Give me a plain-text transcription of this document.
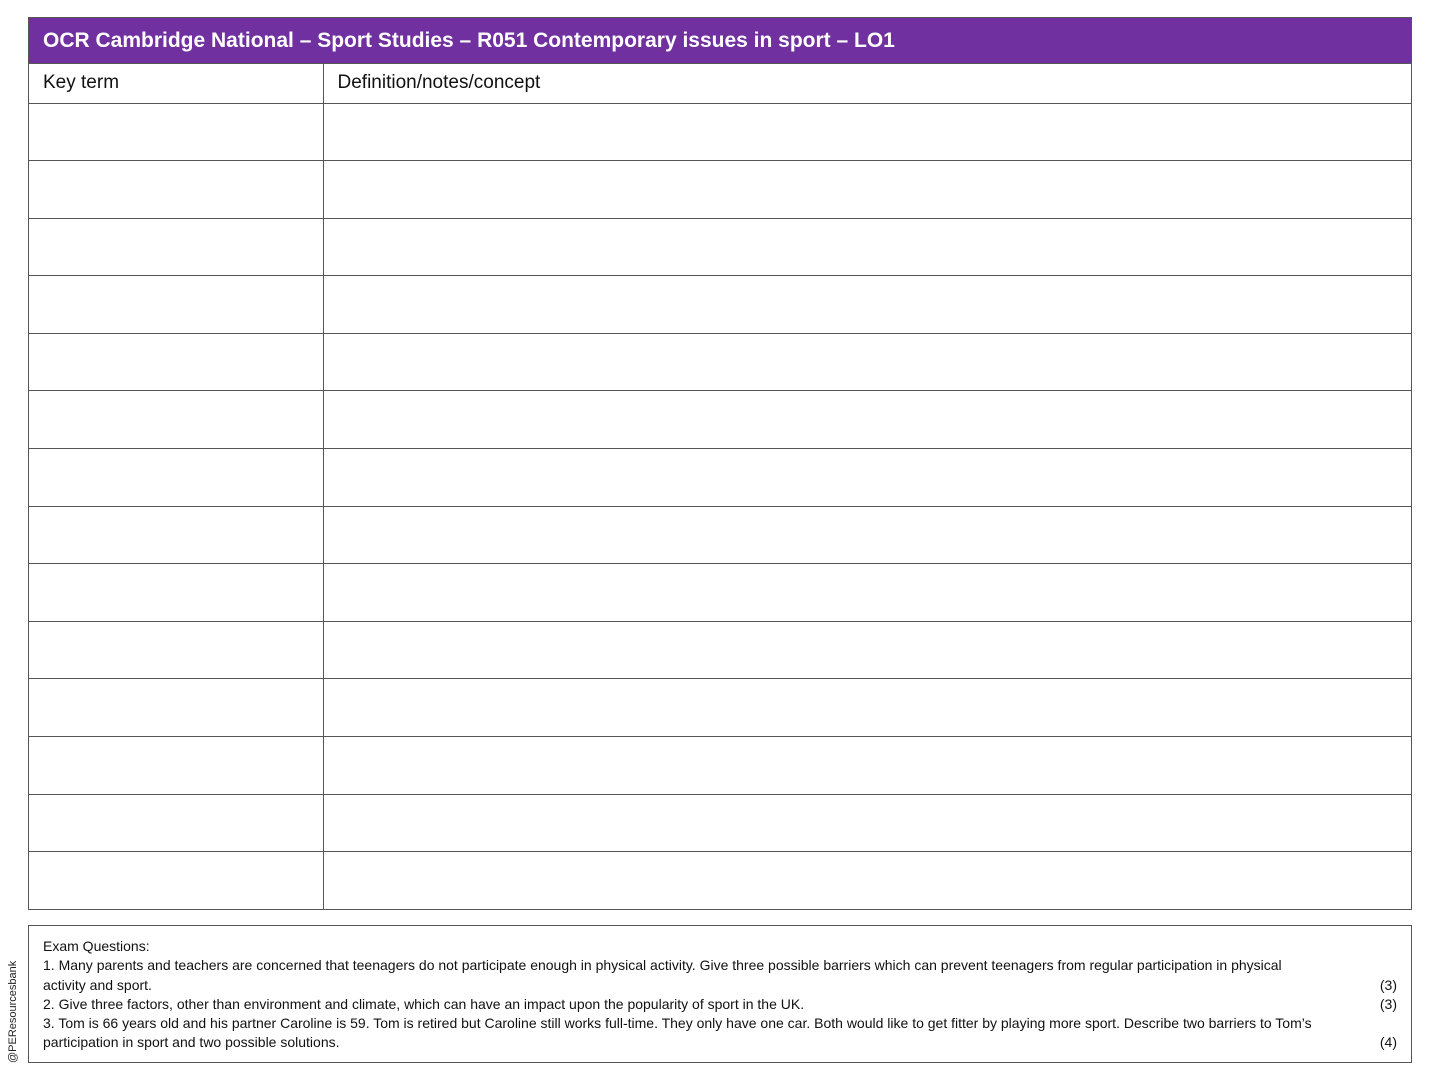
OCR Cambridge National – Sport Studies – R051 Contemporary issues in sport – LO1
Key term	Definition/notes/concept

Exam Questions:
1. Many parents and teachers are concerned that teenagers do not participate enough in physical activity. Give three possible barriers which can prevent teenagers from regular participation in physical
activity and sport.	(3)
2. Give three factors, other than environment and climate, which can have an impact upon the popularity of sport in the UK.	(3)
3. Tom is 66 years old and his partner Caroline is 59. Tom is retired but Caroline still works full-time. They only have one car. Both would like to get fitter by playing more sport. Describe two barriers to Tom’s
participation in sport and two possible solutions.	(4)
@PEResourcesbank
